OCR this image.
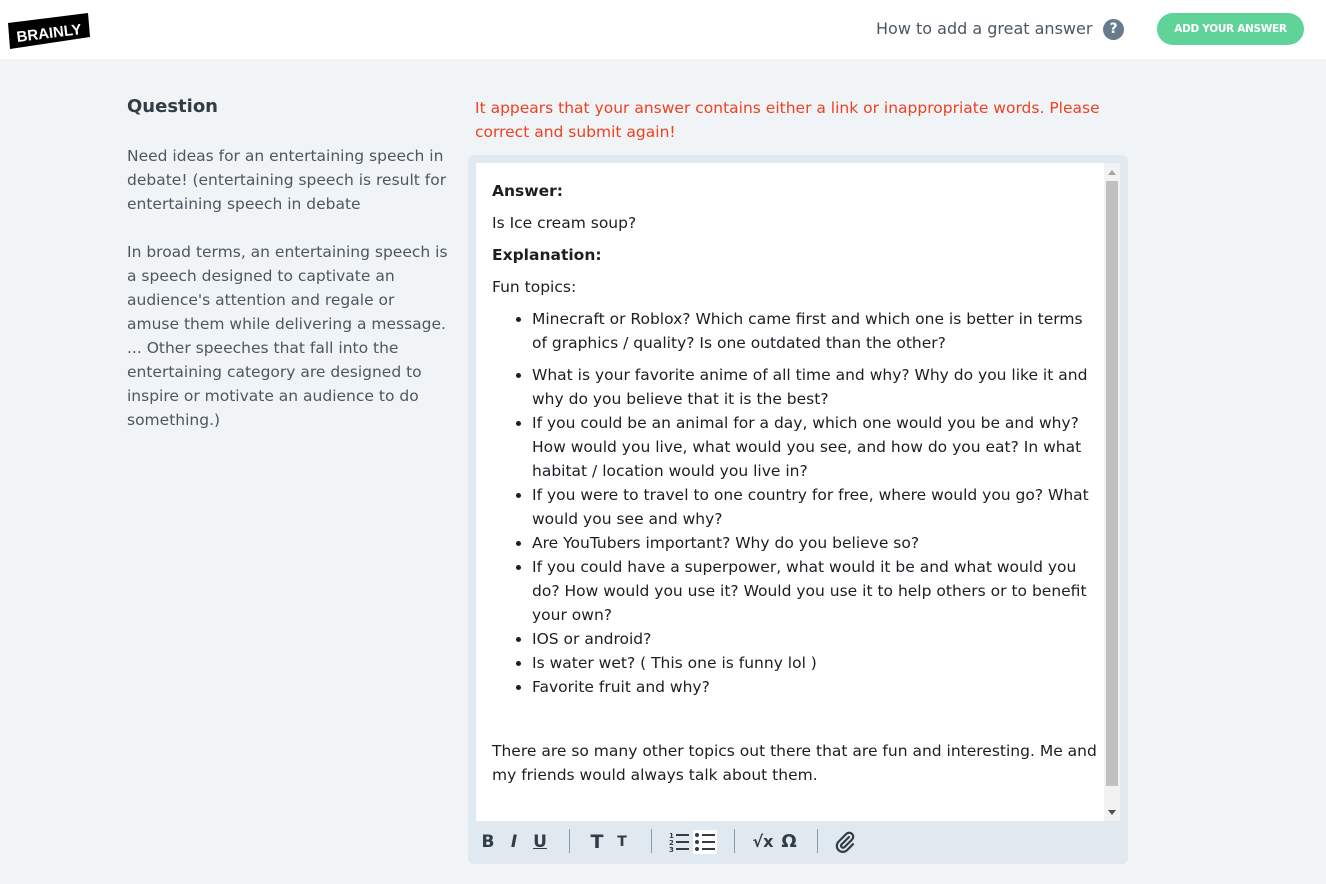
BRAINLY	How to add a great answer	?	ADD YOUR ANSWER
Question
Need ideas for an entertaining speech in debate! (entertaining speech is result for entertaining speech in debate

In broad terms, an entertaining speech is a speech designed to captivate an audience's attention and regale or amuse them while delivering a message. ... Other speeches that fall into the entertaining category are designed to inspire or motivate an audience to do something.)
It appears that your answer contains either a link or inappropriate words. Please correct and submit again!

Answer:

Is Ice cream soup?

Explanation:

Fun topics:

• Minecraft or Roblox? Which came first and which one is better in terms of graphics / quality? Is one outdated than the other?
• What is your favorite anime of all time and why? Why do you like it and why do you believe that it is the best?
• If you could be an animal for a day, which one would you be and why? How would you live, what would you see, and how do you eat? In what habitat / location would you live in?
• If you were to travel to one country for free, where would you go? What would you see and why?
• Are YouTubers important? Why do you believe so?
• If you could have a superpower, what would it be and what would you do? How would you use it? Would you use it to help others or to benefit your own?
• IOS or android?
• Is water wet? ( This one is funny lol )
• Favorite fruit and why?

There are so many other topics out there that are fun and interesting. Me and my friends would always talk about them.

B I U T T	1
2
3	√x Ω
